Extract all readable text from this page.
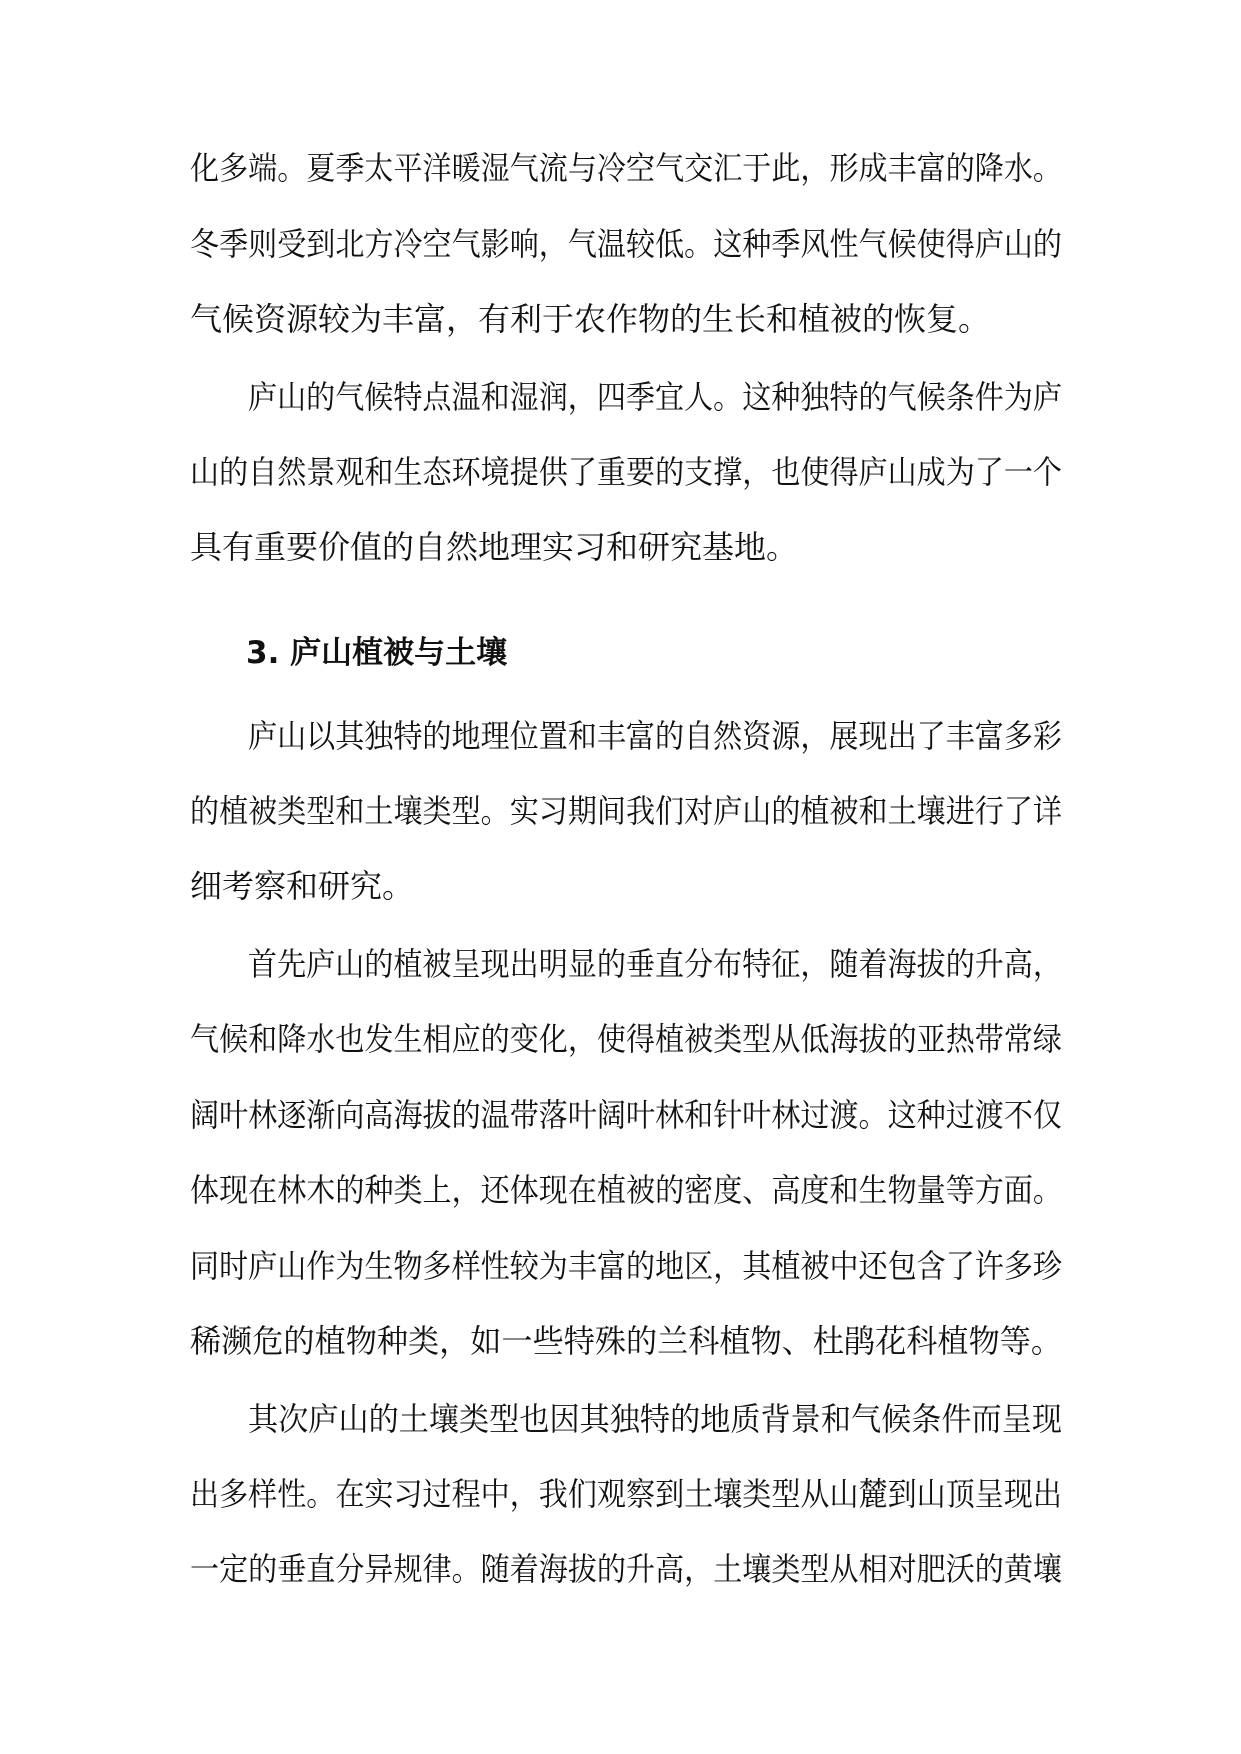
化多端。夏季太平洋暖湿气流与冷空气交汇于此，形成丰富的降水。
冬季则受到北方冷空气影响，气温较低。这种季风性气候使得庐山的
气候资源较为丰富，有利于农作物的生长和植被的恢复。
庐山的气候特点温和湿润，四季宜人。这种独特的气候条件为庐
山的自然景观和生态环境提供了重要的支撑，也使得庐山成为了一个
具有重要价值的自然地理实习和研究基地。
3. 庐山植被与土壤
庐山以其独特的地理位置和丰富的自然资源，展现出了丰富多彩
的植被类型和土壤类型。实习期间我们对庐山的植被和土壤进行了详
细考察和研究。
首先庐山的植被呈现出明显的垂直分布特征，随着海拔的升高，
气候和降水也发生相应的变化，使得植被类型从低海拔的亚热带常绿
阔叶林逐渐向高海拔的温带落叶阔叶林和针叶林过渡。这种过渡不仅
体现在林木的种类上，还体现在植被的密度、高度和生物量等方面。
同时庐山作为生物多样性较为丰富的地区，其植被中还包含了许多珍
稀濒危的植物种类，如一些特殊的兰科植物、杜鹃花科植物等。
其次庐山的土壤类型也因其独特的地质背景和气候条件而呈现
出多样性。在实习过程中，我们观察到土壤类型从山麓到山顶呈现出
一定的垂直分异规律。随着海拔的升高，土壤类型从相对肥沃的黄壤
